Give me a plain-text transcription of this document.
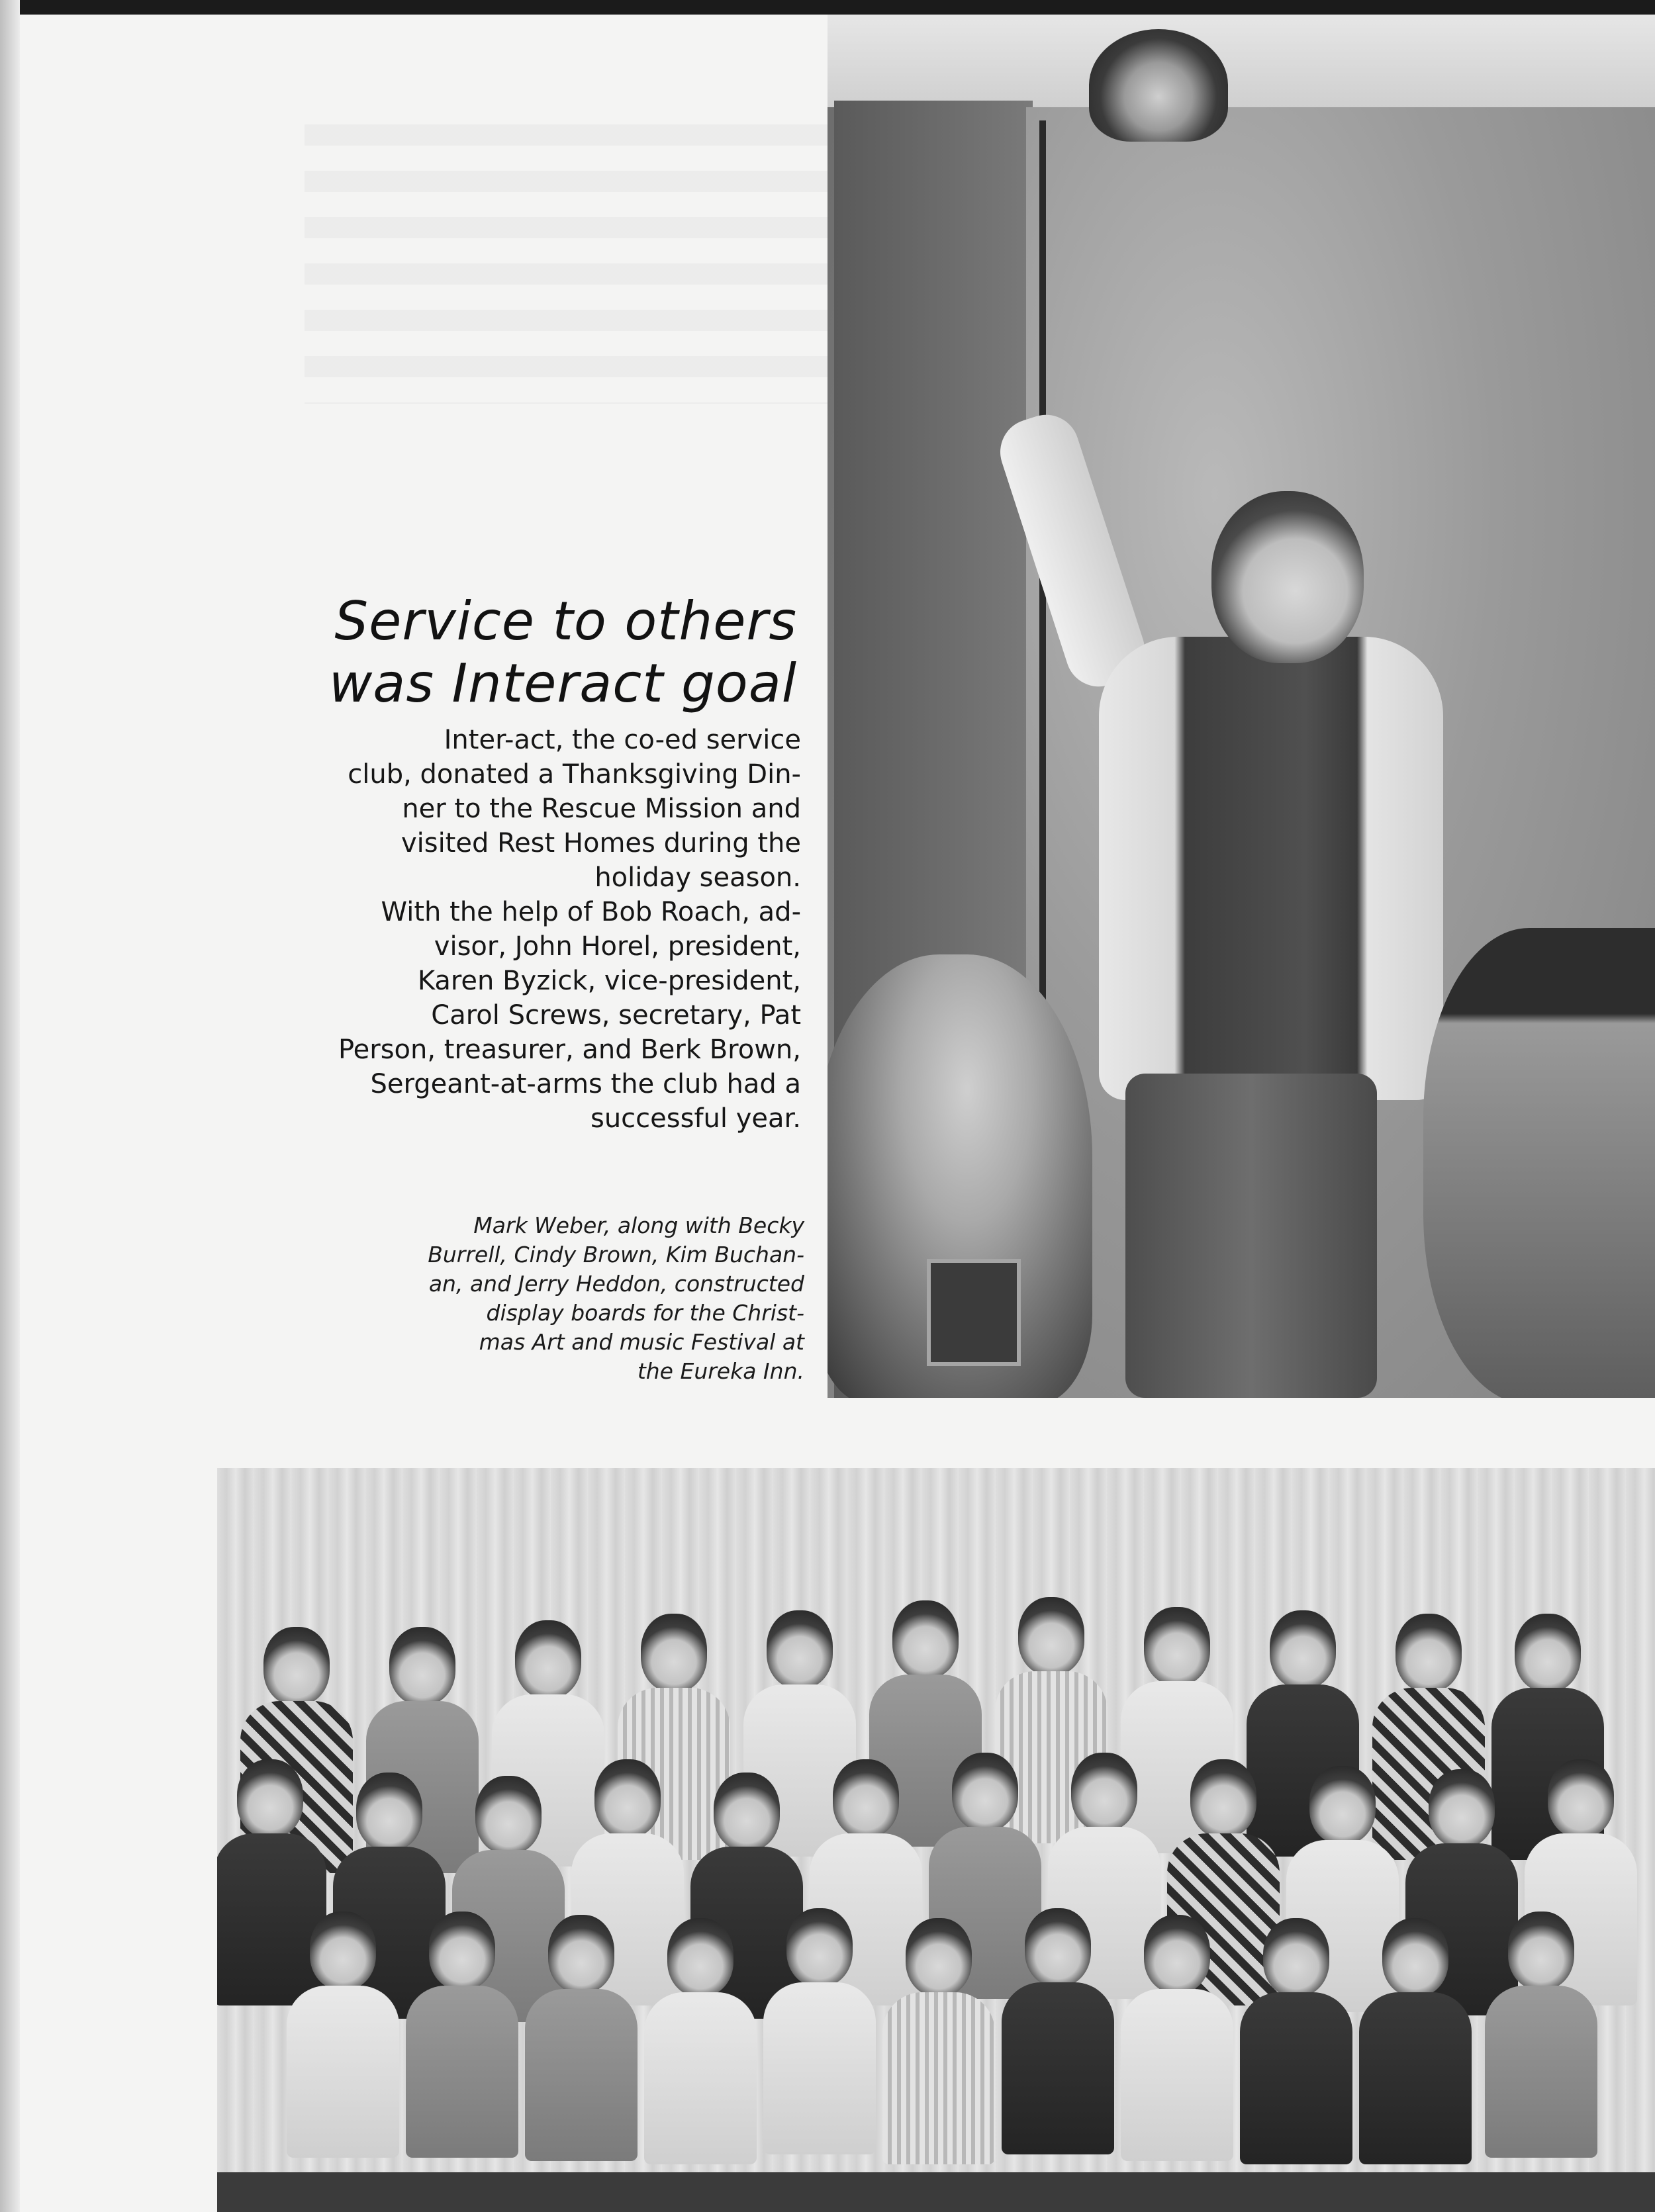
Service to others
was Interact goal
Inter-act, the co-ed service
club, donated a Thanksgiving Din-
ner to the Rescue Mission and
visited Rest Homes during the
holiday season.
With the help of Bob Roach, ad-
visor, John Horel, president,
Karen Byzick, vice-president,
Carol Screws, secretary, Pat
Person, treasurer, and Berk Brown,
Sergeant-at-arms the club had a
successful year.
Mark Weber, along with Becky
Burrell, Cindy Brown, Kim Buchan-
an, and Jerry Heddon, constructed
display boards for the Christ-
mas Art and music Festival at
the Eureka Inn.
